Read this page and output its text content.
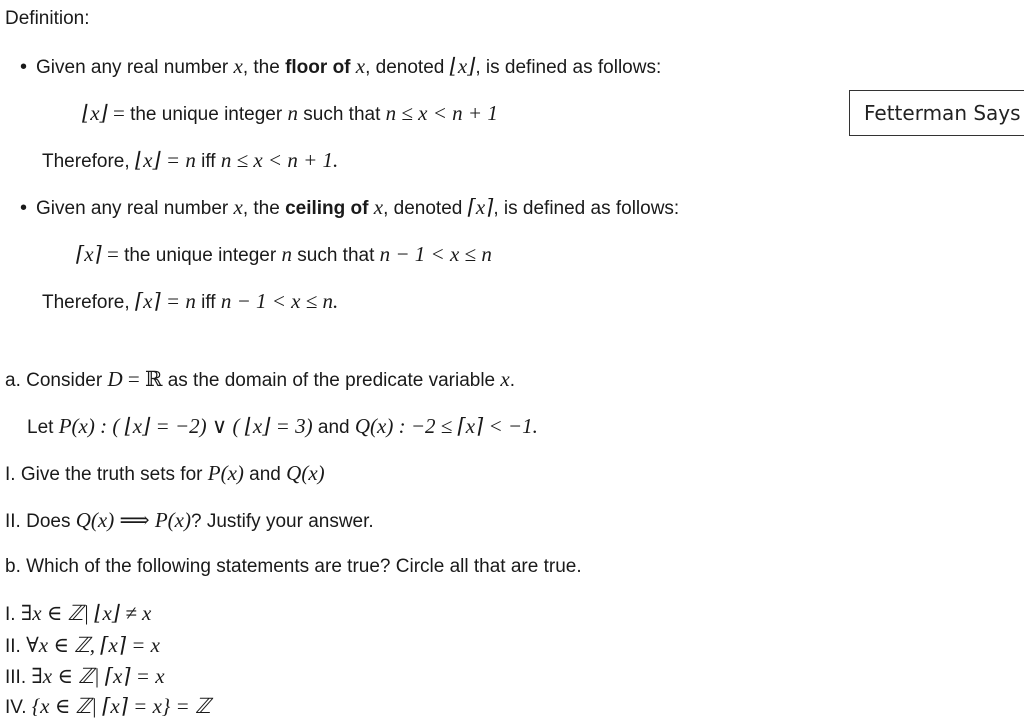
Definition:
• Given any real number x, the floor of x, denoted ⌊x⌋, is defined as follows:
⌊x⌋ = the unique integer n such that n ≤ x < n + 1
Therefore, ⌊x⌋ = n iff n ≤ x < n + 1.
• Given any real number x, the ceiling of x, denoted ⌈x⌉, is defined as follows:
⌈x⌉ = the unique integer n such that n − 1 < x ≤ n
Therefore, ⌈x⌉ = n iff n − 1 < x ≤ n.
Fetterman Says
a. Consider D = ℝ as the domain of the predicate variable x.
Let P(x) : ( ⌊x⌋ = −2) ∨ ( ⌊x⌋ = 3) and Q(x) : −2 ≤ ⌈x⌉ < −1.
I. Give the truth sets for P(x) and Q(x)
II. Does Q(x) ⟹ P(x)? Justify your answer.
b. Which of the following statements are true? Circle all that are true.
I. ∃x ∈ ℤ| ⌊x⌋ ≠ x
II. ∀x ∈ ℤ, ⌈x⌉ = x
III. ∃x ∈ ℤ| ⌈x⌉ = x
IV. {x ∈ ℤ| ⌈x⌉ = x} = ℤ
